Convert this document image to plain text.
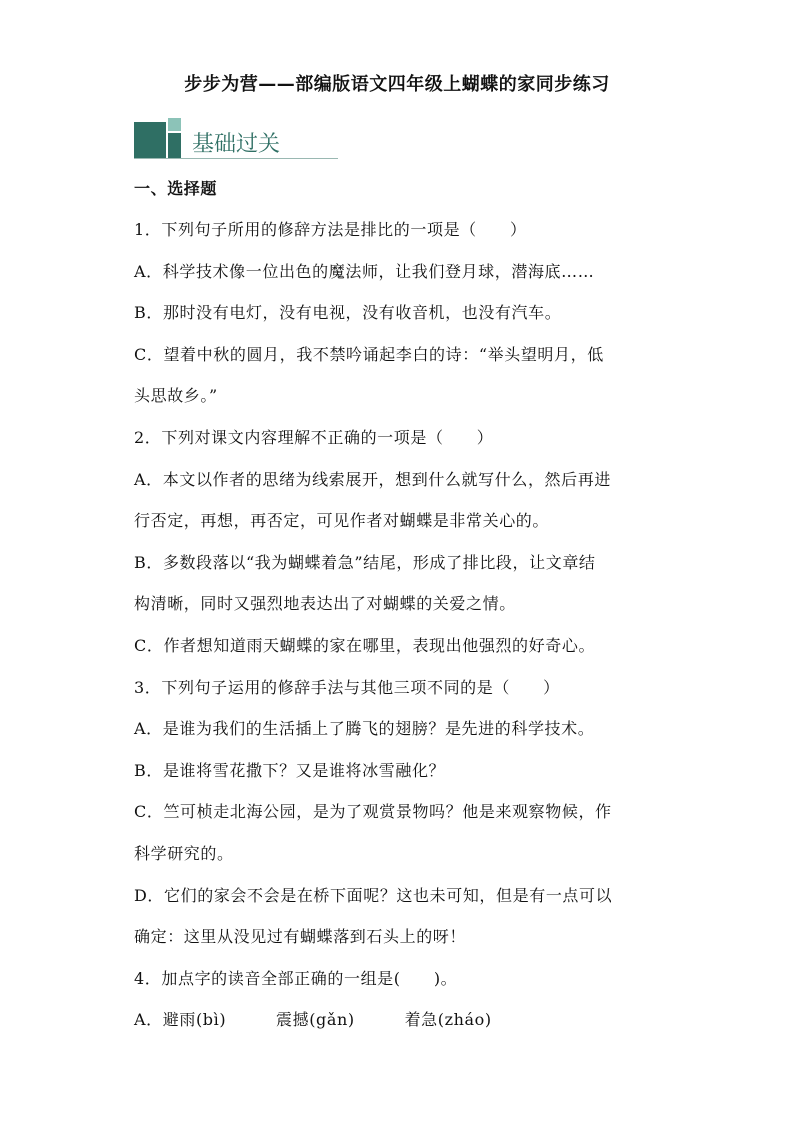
步步为营——部编版语文四年级上蝴蝶的家同步练习
基础过关
一、选择题
1．下列句子所用的修辞方法是排比的一项是（　　）
A．科学技术像一位出色的魔法师，让我们登月球，潜海底……
B．那时没有电灯，没有电视，没有收音机，也没有汽车。
C．望着中秋的圆月，我不禁吟诵起李白的诗：“举头望明月，低
头思故乡。”
2．下列对课文内容理解不正确的一项是（　　）
A．本文以作者的思绪为线索展开，想到什么就写什么，然后再进
行否定，再想，再否定，可见作者对蝴蝶是非常关心的。
B．多数段落以“我为蝴蝶着急”结尾，形成了排比段，让文章结
构清晰，同时又强烈地表达出了对蝴蝶的关爱之情。
C．作者想知道雨天蝴蝶的家在哪里，表现出他强烈的好奇心。
3．下列句子运用的修辞手法与其他三项不同的是（　　）
A．是谁为我们的生活插上了腾飞的翅膀？是先进的科学技术。
B．是谁将雪花撒下？又是谁将冰雪融化？
C．竺可桢走北海公园，是为了观赏景物吗？他是来观察物候，作
科学研究的。
D．它们的家会不会是在桥下面呢？这也未可知，但是有一点可以
确定：这里从没见过有蝴蝶落到石头上的呀！
4．加点字的读音全部正确的一组是(　　)。
A．避雨(bì)　　　震撼(gǎn)　　　着急(zháo)
